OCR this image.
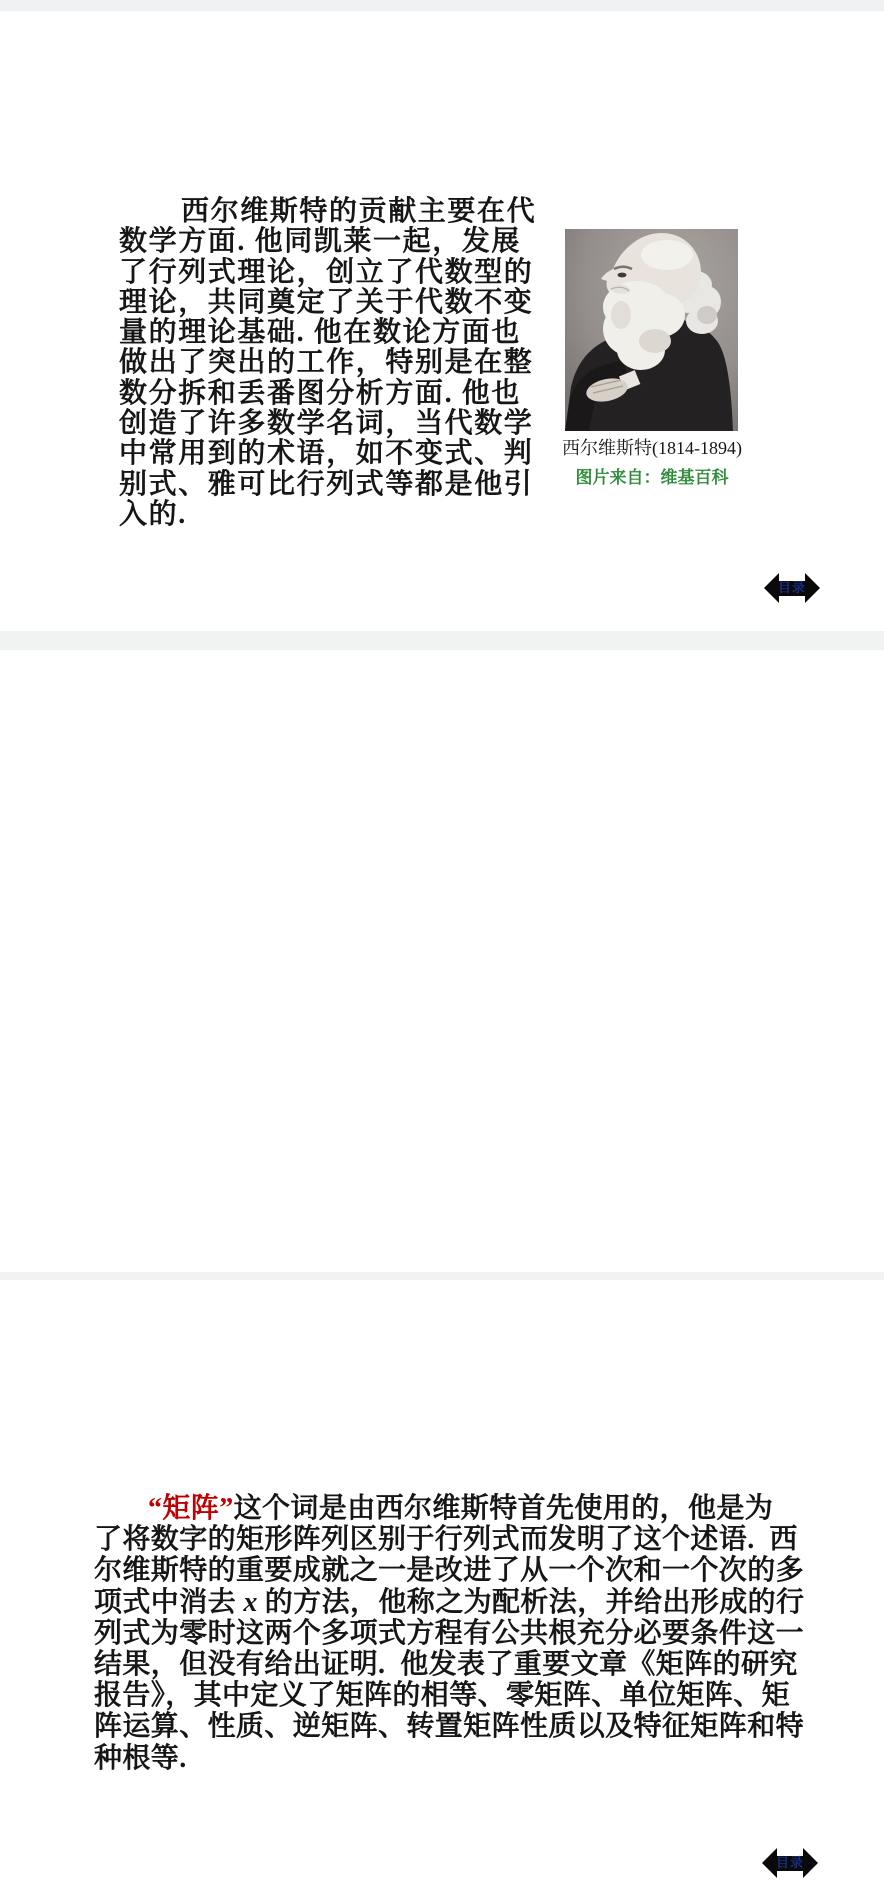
西尔维斯特的贡献主要在代
数学方面. 他同凯莱一起，发展
了行列式理论，创立了代数型的
理论，共同奠定了关于代数不变
量的理论基础. 他在数论方面也
做出了突出的工作，特别是在整
数分拆和丢番图分析方面. 他也
创造了许多数学名词，当代数学
中常用到的术语，如不变式、判
别式、雅可比行列式等都是他引
入的.
西尔维斯特(1814-1894)
图片来自：维基百科
目录
“矩阵”这个词是由西尔维斯特首先使用的，他是为
了将数字的矩形阵列区别于行列式而发明了这个述语.  西
尔维斯特的重要成就之一是改进了从一个次和一个次的多
项式中消去 x 的方法，他称之为配析法，并给出形成的行
列式为零时这两个多项式方程有公共根充分必要条件这一
结果，但没有给出证明.  他发表了重要文章《矩阵的研究
报告》，其中定义了矩阵的相等、零矩阵、单位矩阵、矩
阵运算、性质、逆矩阵、转置矩阵性质以及特征矩阵和特
种根等.
目录
